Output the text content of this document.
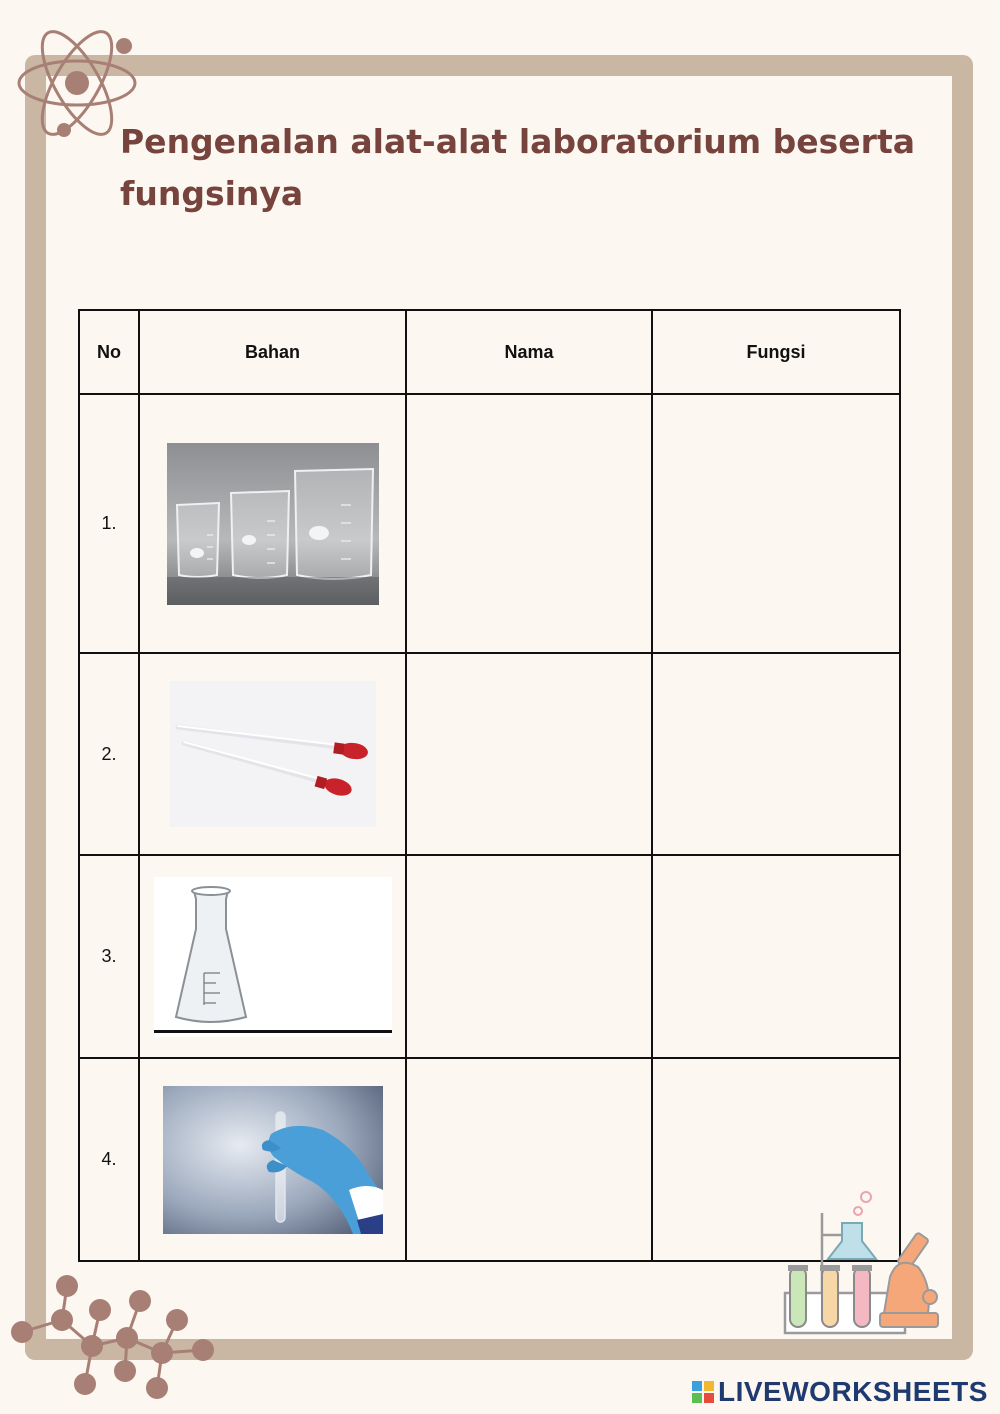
Pengenalan alat-alat laboratorium beserta fungsinya
No	Bahan	Nama	Fungsi
1.	

2.	

3.	

4.	

LIVEWORKSHEETS
